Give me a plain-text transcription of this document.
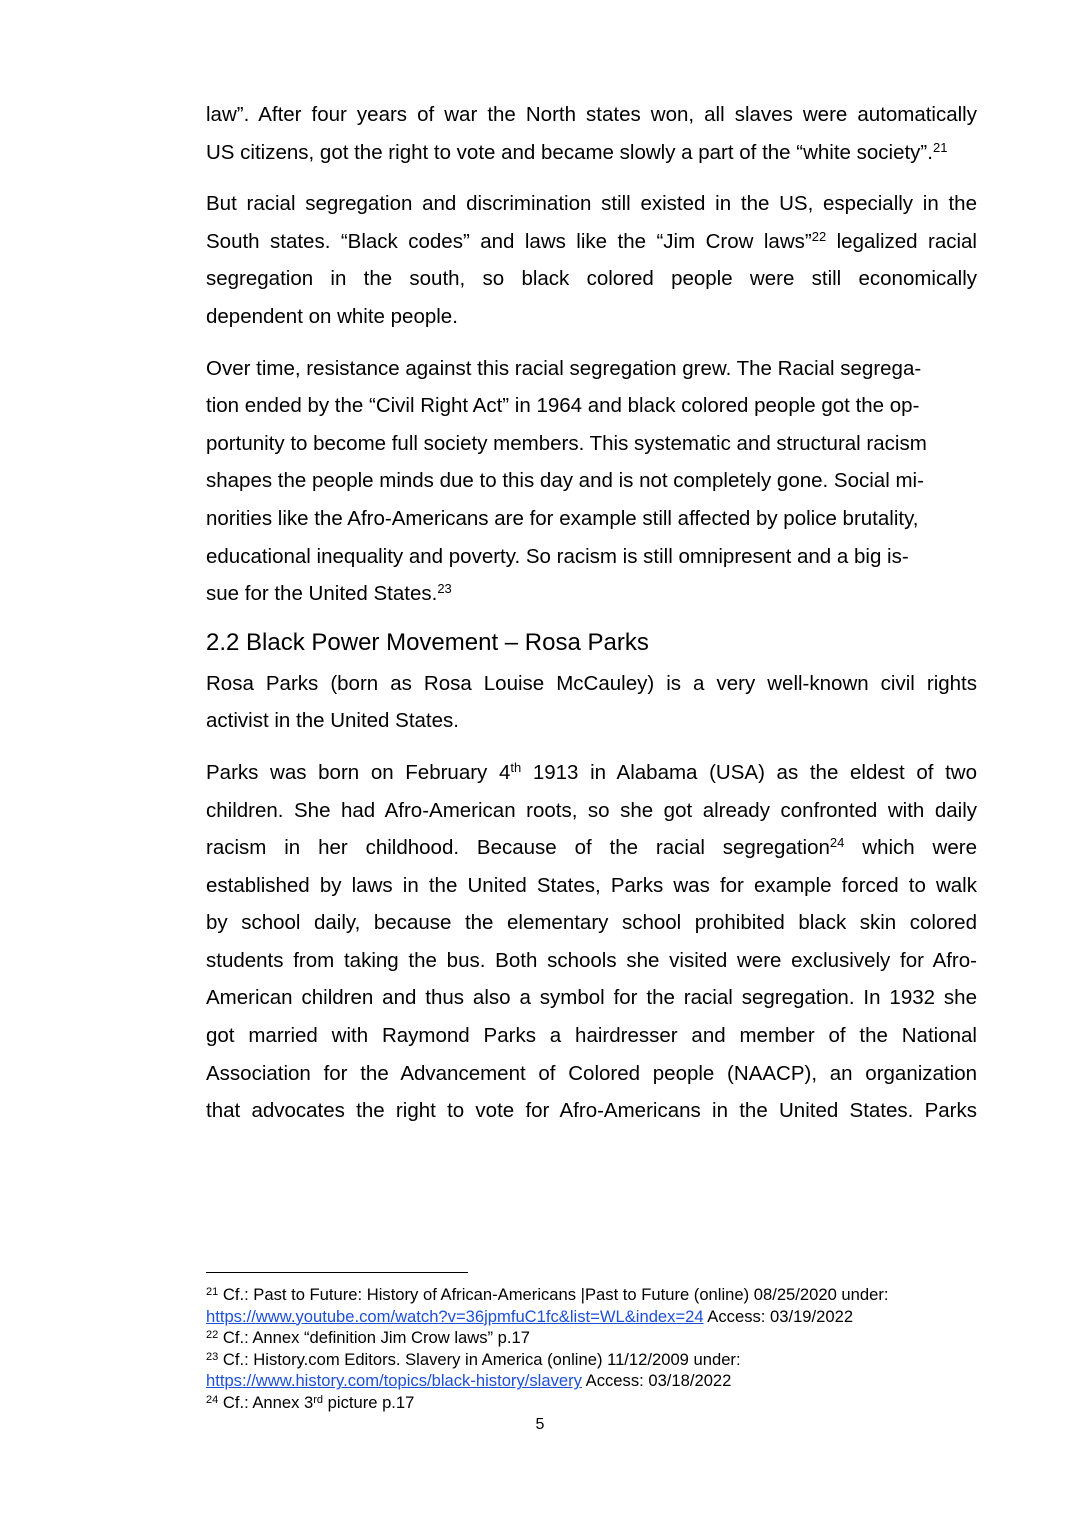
law”. After four years of war the North states won, all slaves were automatically
US citizens, got the right to vote and became slowly a part of the “white society”.$^{21}$

But racial segregation and discrimination still existed in the US, especially in the
South states. “Black codes” and laws like the “Jim Crow laws”$^{22}$ legalized racial
segregation in the south, so black colored people were still economically
dependent on white people.

Over time, resistance against this racial segregation grew. The Racial segrega-
tion ended by the “Civil Right Act” in 1964 and black colored people got the op-
portunity to become full society members. This systematic and structural racism
shapes the people minds due to this day and is not completely gone. Social mi-
norities like the Afro-Americans are for example still affected by police brutality,
educational inequality and poverty. So racism is still omnipresent and a big is-
sue for the United States.$^{23}$

2.2 Black Power Movement – Rosa Parks

Rosa Parks (born as Rosa Louise McCauley) is a very well-known civil rights
activist in the United States.

Parks was born on February 4th 1913 in Alabama (USA) as the eldest of two
children. She had Afro-American roots, so she got already confronted with daily
racism in her childhood. Because of the racial segregation$^{24}$ which were
established by laws in the United States, Parks was for example forced to walk
by school daily, because the elementary school prohibited black skin colored
students from taking the bus. Both schools she visited were exclusively for Afro-
American children and thus also a symbol for the racial segregation. In 1932 she
got married with Raymond Parks a hairdresser and member of the National
Association for the Advancement of Colored people (NAACP), an organization
that advocates the right to vote for Afro-Americans in the United States. Parks

$^{21}$ Cf.: Past to Future: History of African-Americans |Past to Future (online) 08/25/2020 under:
https://www.youtube.com/watch?v=36jpmfuC1fc&list=WL&index=24 Access: 03/19/2022
$^{22}$ Cf.: Annex “definition Jim Crow laws” p.17
$^{23}$ Cf.: History.com Editors. Slavery in America (online) 11/12/2009 under:
https://www.history.com/topics/black-history/slavery Access: 03/18/2022
$^{24}$ Cf.: Annex 3rd picture p.17
5
